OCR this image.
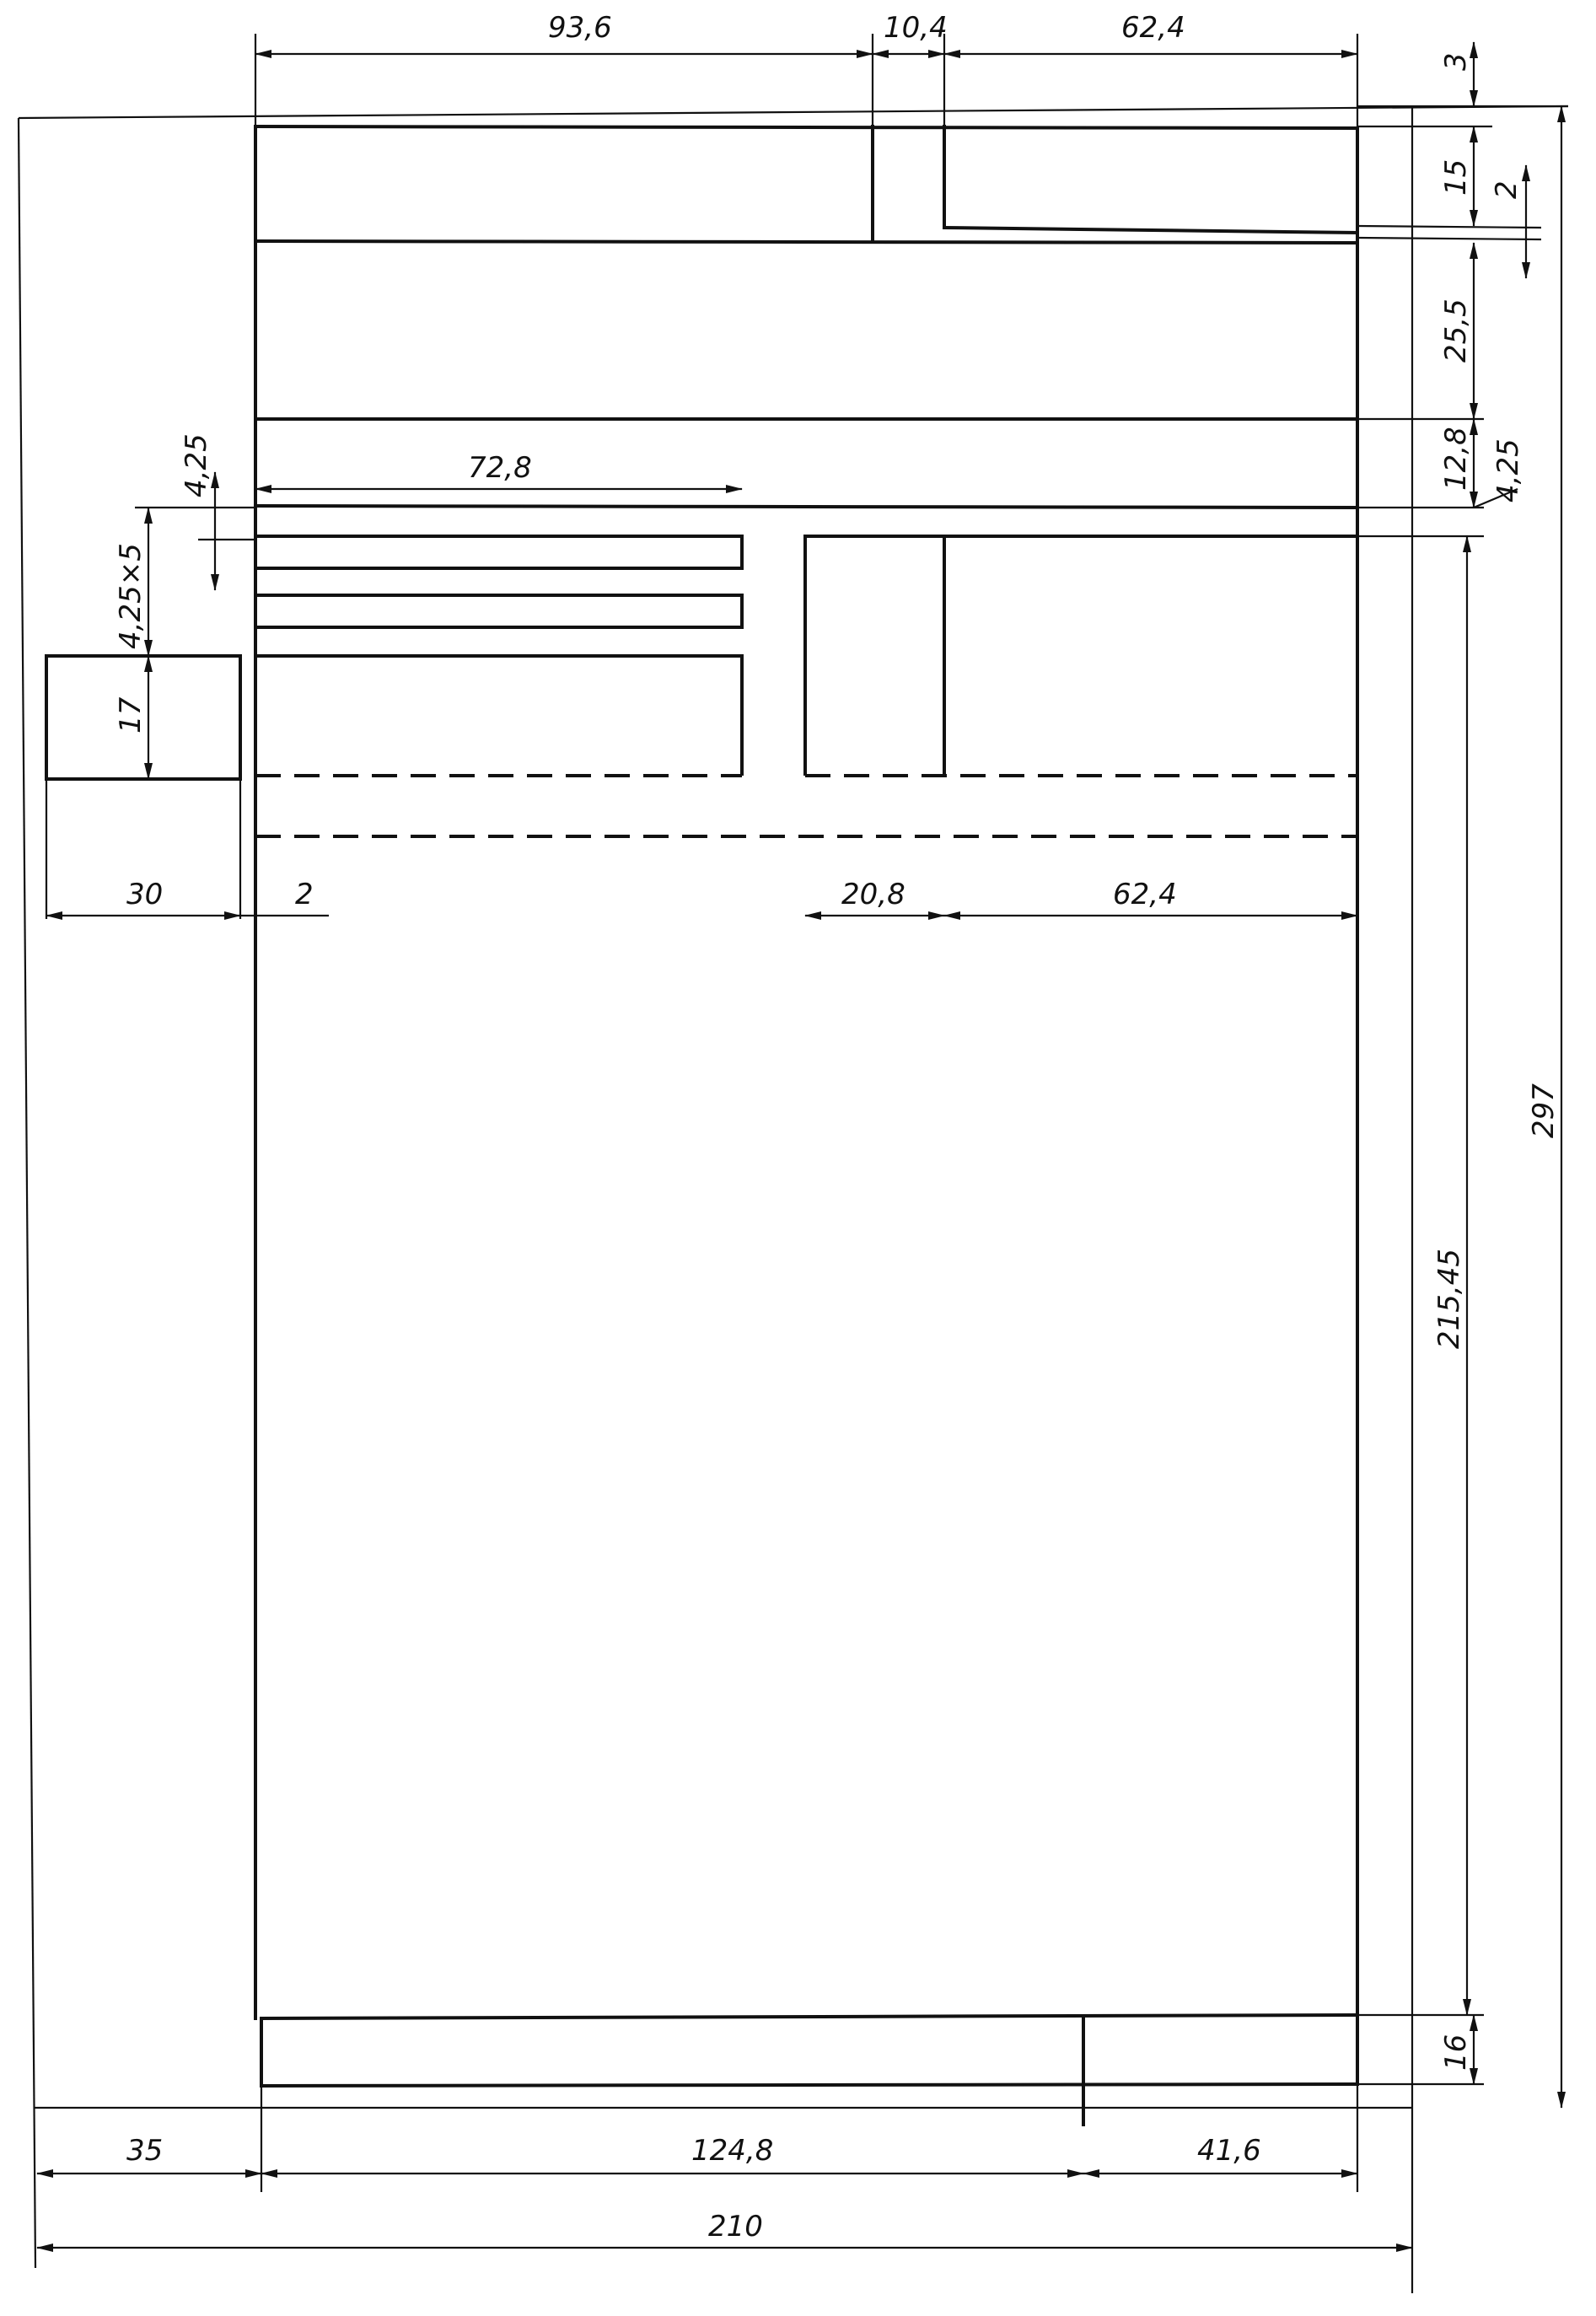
93,6	10,4	62,4
72,8
30	2	20,8	62,4
35	124,8	41,6
210
3
15 2
25,5
12,8 4,25
215,45
16
297
4,25
4,25×5
17
